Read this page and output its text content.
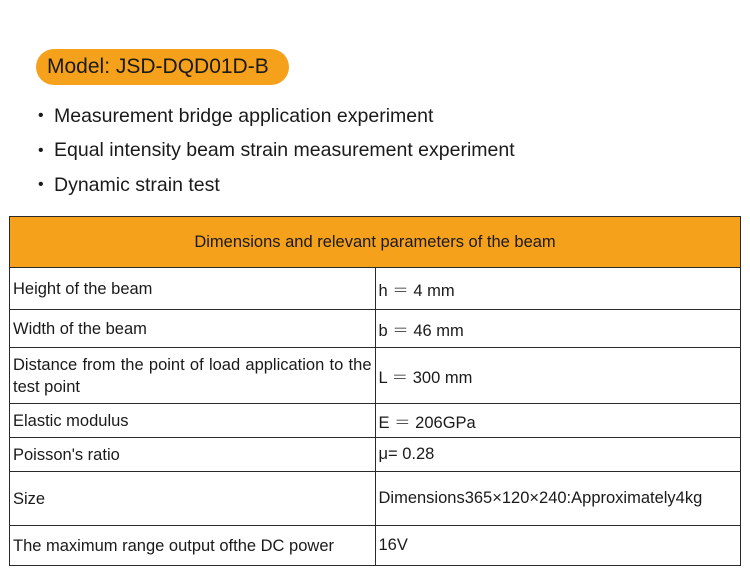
Model: JSD-DQD01D-B
• Measurement bridge application experiment
• Equal intensity beam strain measurement experiment
• Dynamic strain test
Dimensions and relevant parameters of the beam	
Height of the beam	h ＝ 4 mm
Width of the beam	b ＝ 46 mm
Distance from the point of load application to the test point	L ＝ 300 mm
Elastic modulus	E ＝ 206GPa
Poisson's ratio	μ= 0.28
Size	Dimensions365×120×240:Approximately4kg
The maximum range output ofthe DC power	16V
